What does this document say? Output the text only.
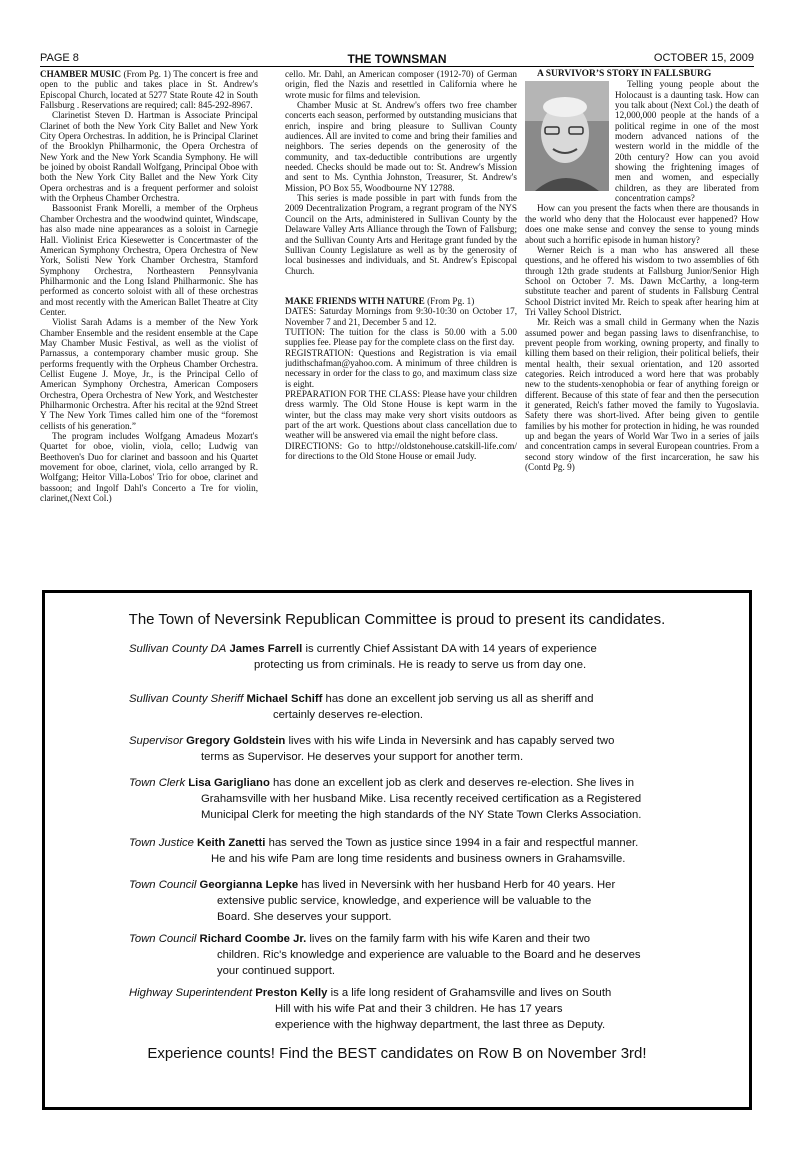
PAGE 8	THE TOWNSMAN	OCTOBER 15, 2009

CHAMBER MUSIC (From Pg. 1) The concert is free and open to the public and takes place in St. Andrew's Episcopal Church, located at 5277 State Route 42 in South Fallsburg . Reservations are required; call: 845-292-8967.

Clarinetist Steven D. Hartman is Associate Principal Clarinet of both the New York City Ballet and New York City Opera Orchestras. In addition, he is Principal Clarinet of the Brooklyn Philharmonic, the Opera Orchestra of New York and the New York Scandia Symphony. He will be joined by oboist Randall Wolfgang, Principal Oboe with both the New York City Ballet and the New York City Opera orchestras and is a frequent performer and soloist with the Orpheus Chamber Orchestra.

Bassoonist Frank Morelli, a member of the Orpheus Chamber Orchestra and the woodwind quintet, Windscape, has also made nine appearances as a soloist in Carnegie Hall. Violinist Erica Kiesewetter is Concertmaster of the American Symphony Orchestra, Opera Orchestra of New York, Solisti New York Chamber Orchestra, Stamford Symphony Orchestra, Northeastern Pennsylvania Philharmonic and the Long Island Philharmonic. She has performed as concerto soloist with all of these orchestras and most recently with the American Ballet Theatre at City Center.

Violist Sarah Adams is a member of the New York Chamber Ensemble and the resident ensemble at the Cape May Chamber Music Festival, as well as the violist of Parnassus, a contemporary chamber music group. She performs frequently with the Orpheus Chamber Orchestra. Cellist Eugene J. Moye, Jr., is the Principal Cello of American Symphony Orchestra, American Composers Orchestra, Opera Orchestra of New York, and Westchester Philharmonic Orchestra. After his recital at the 92nd Street Y The New York Times called him one of the “foremost cellists of his generation.”

The program includes Wolfgang Amadeus Mozart's Quartet for oboe, violin, viola, cello; Ludwig van Beethoven's Duo for clarinet and bassoon and his Quartet movement for oboe, clarinet, viola, cello arranged by R. Wolfgang; Heitor Villa-Lobos' Trio for oboe, clarinet and bassoon; and Ingolf Dahl's Concerto a Tre for violin, clarinet,(Next Col.)

cello. Mr. Dahl, an American composer (1912-70) of German origin, fled the Nazis and resettled in California where he wrote music for films and television.

Chamber Music at St. Andrew's offers two free chamber concerts each season, performed by outstanding musicians that enrich, inspire and bring pleasure to Sullivan County audiences. All are invited to come and bring their families and neighbors. The series depends on the generosity of the community, and tax-deductible contributions are urgently needed. Checks should be made out to: St. Andrew's Mission and sent to Ms. Cynthia Johnston, Treasurer, St. Andrew's Mission, PO Box 55, Woodbourne NY 12788.

This series is made possible in part with funds from the 2009 Decentralization Program, a regrant program of the NYS Council on the Arts, administered in Sullivan County by the Delaware Valley Arts Alliance through the Town of Fallsburg; and the Sullivan County Arts and Heritage grant funded by the Sullivan County Legislature as well as by the generosity of local businesses and individuals, and St. Andrew's Episcopal Church.

MAKE FRIENDS WITH NATURE (From Pg. 1)

DATES: Saturday Mornings from 9:30-10:30 on October 17, November 7 and 21, December 5 and 12.

TUITION: The tuition for the class is 50.00 with a 5.00 supplies fee. Please pay for the complete class on the first day.

REGISTRATION: Questions and Registration is via email judithschafman@yahoo.com. A minimum of three children is necessary in order for the class to go, and maximum class size is eight.

PREPARATION FOR THE CLASS: Please have your children dress warmly. The Old Stone House is kept warm in the winter, but the class may make very short visits outdoors as part of the art work. Questions about class cancellation due to weather will be answered via email the night before class.

DIRECTIONS: Go to http://oldstonehouse.catskill-life.com/ for directions to the Old Stone House or email Judy.

A SURVIVOR’S STORY IN FALLSBURG

Telling young people about the Holocaust is a daunting task. How can you talk about (Next Col.) the death of 12,000,000 people at the hands of a political regime in one of the most modern advanced nations of the western world in the middle of the 20th century? How can you avoid showing the frightening images of men and women, and especially children, as they are liberated from concentration camps?

How can you present the facts when there are thousands in the world who deny that the Holocaust ever happened? How does one make sense and convey the sense to young minds about such a horrific episode in human history?

Werner Reich is a man who has answered all these questions, and he offered his wisdom to two assemblies of 6th through 12th grade students at Fallsburg Junior/Senior High School on October 7. Ms. Dawn McCarthy, a long-term substitute teacher and parent of students in Fallsburg Central School District invited Mr. Reich to speak after hearing him at Tri Valley School District.

Mr. Reich was a small child in Germany when the Nazis assumed power and began passing laws to disenfranchise, to prevent people from working, owning property, and finally to killing them based on their religion, their political beliefs, their mental health, their sexual orientation, and 120 assorted categories. Reich introduced a word here that was probably new to the students-xenophobia or fear of anything foreign or different. Because of this state of fear and then the persecution it generated, Reich's father moved the family to Yugoslavia. Safety there was short-lived. After being given to gentile families by his mother for protection in hiding, he was rounded up and began the years of World War Two in a series of jails and concentration camps in several European countries. From a second story window of the first incarceration, he saw his (Contd Pg. 9)

The Town of Neversink Republican Committee is proud to present its candidates.
Sullivan County DA James Farrell is currently Chief Assistant DA with 14 years of experience
protecting us from criminals. He is ready to serve us from day one.
Sullivan County Sheriff Michael Schiff has done an excellent job serving us all as sheriff and
certainly deserves re-election.
Supervisor Gregory Goldstein lives with his wife Linda in Neversink and has capably served two
terms as Supervisor. He deserves your support for another term.
Town Clerk Lisa Garigliano has done an excellent job as clerk and deserves re-election. She lives in
Grahamsville with her husband Mike. Lisa recently received certification as a Registered
Municipal Clerk for meeting the high standards of the NY State Town Clerks Association.
Town Justice Keith Zanetti has served the Town as justice since 1994 in a fair and respectful manner.
He and his wife Pam are long time residents and business owners in Grahamsville.
Town Council Georgianna Lepke has lived in Neversink with her husband Herb for 40 years. Her
extensive public service, knowledge, and experience will be valuable to the
Board. She deserves your support.
Town Council Richard Coombe Jr. lives on the family farm with his wife Karen and their two
children. Ric's knowledge and experience are valuable to the Board and he deserves
your continued support.
Highway Superintendent Preston Kelly is a life long resident of Grahamsville and lives on South
Hill with his wife Pat and their 3 children. He has 17 years
experience with the highway department, the last three as Deputy.
Experience counts! Find the BEST candidates on Row B on November 3rd!
